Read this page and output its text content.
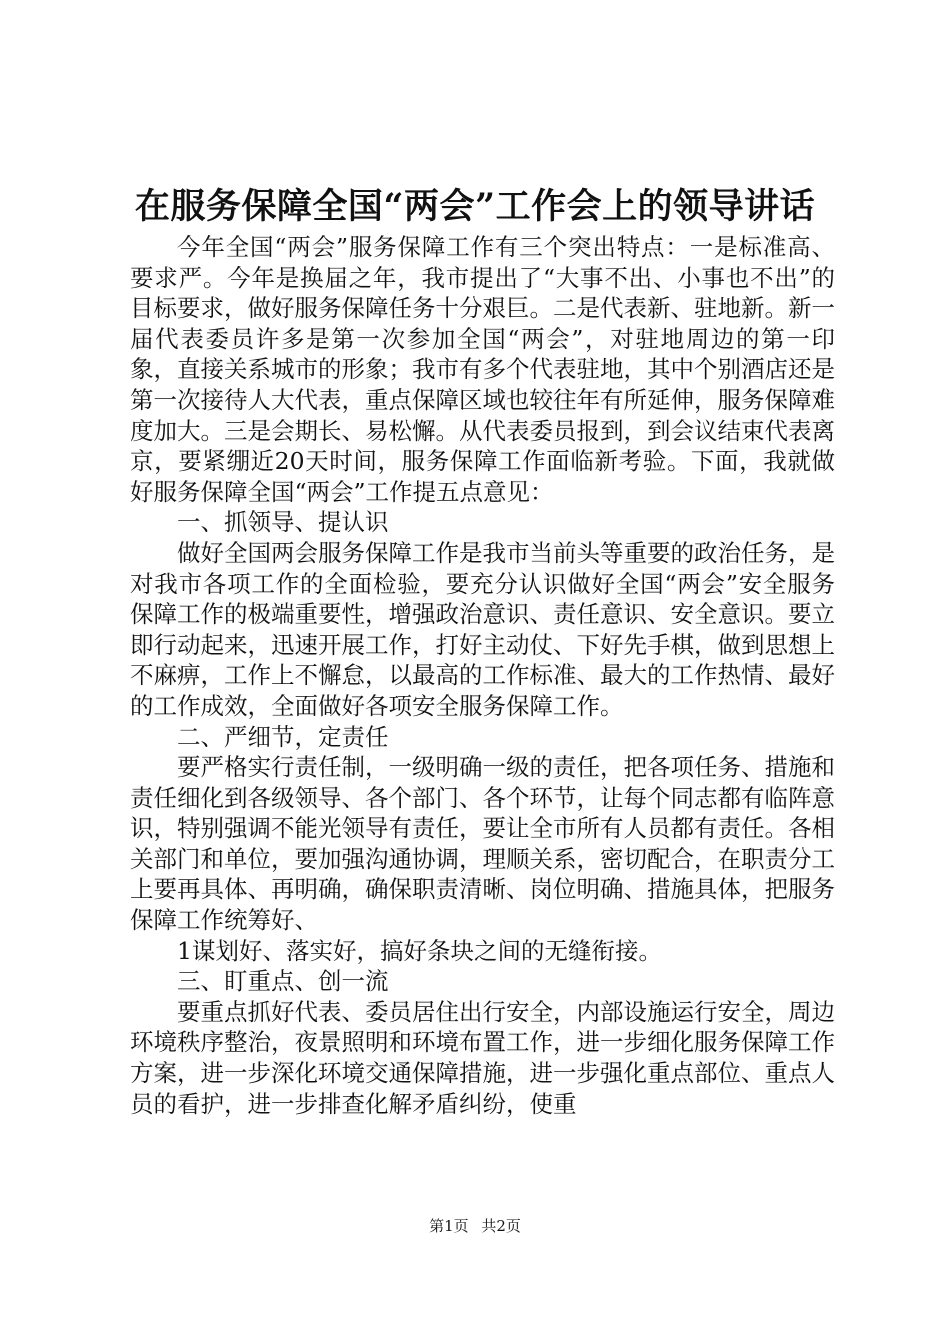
在服务保障全国“两会”工作会上的领导讲话

今年全国“两会”服务保障工作有三个突出特点：一是标准高、要求严。今年是换届之年，我市提出了“大事不出、小事也不出”的目标要求，做好服务保障任务十分艰巨。二是代表新、驻地新。新一届代表委员许多是第一次参加全国“两会”，对驻地周边的第一印象，直接关系城市的形象；我市有多个代表驻地，其中个别酒店还是第一次接待人大代表，重点保障区域也较往年有所延伸，服务保障难度加大。三是会期长、易松懈。从代表委员报到，到会议结束代表离京，要紧绷近20天时间，服务保障工作面临新考验。下面，我就做好服务保障全国“两会”工作提五点意见：

一、抓领导、提认识

做好全国两会服务保障工作是我市当前头等重要的政治任务，是对我市各项工作的全面检验，要充分认识做好全国“两会”安全服务保障工作的极端重要性，增强政治意识、责任意识、安全意识。要立即行动起来，迅速开展工作，打好主动仗、下好先手棋，做到思想上不麻痹，工作上不懈怠，以最高的工作标准、最大的工作热情、最好的工作成效，全面做好各项安全服务保障工作。

二、严细节，定责任

要严格实行责任制，一级明确一级的责任，把各项任务、措施和责任细化到各级领导、各个部门、各个环节，让每个同志都有临阵意识，特别强调不能光领导有责任，要让全市所有人员都有责任。各相关部门和单位，要加强沟通协调，理顺关系，密切配合，在职责分工上要再具体、再明确，确保职责清晰、岗位明确、措施具体，把服务保障工作统筹好、

1谋划好、落实好，搞好条块之间的无缝衔接。

三、盯重点、创一流

要重点抓好代表、委员居住出行安全，内部设施运行安全，周边环境秩序整治，夜景照明和环境布置工作，进一步细化服务保障工作方案，进一步深化环境交通保障措施，进一步强化重点部位、重点人员的看护，进一步排查化解矛盾纠纷，使重

第1页 共2页
